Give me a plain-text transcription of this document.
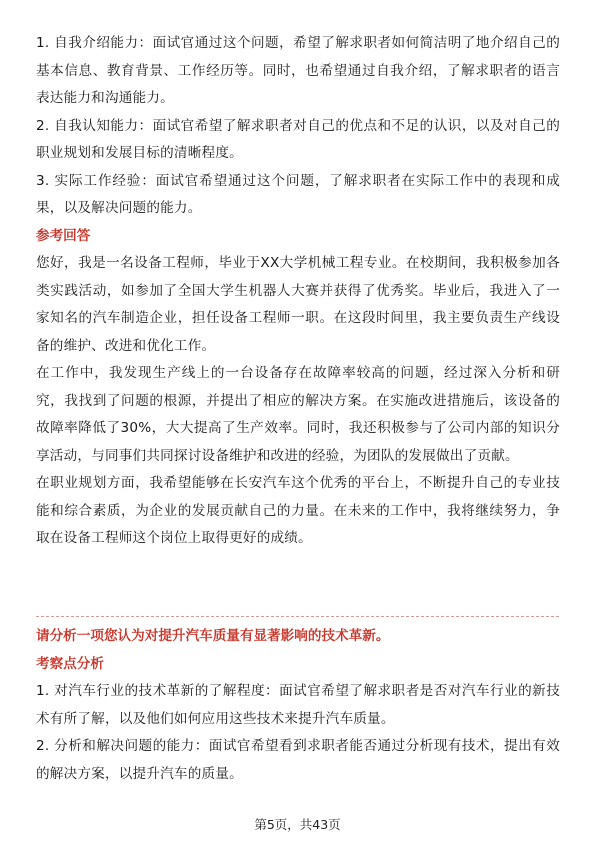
1. 自我介绍能力：面试官通过这个问题，希望了解求职者如何简洁明了地介绍自己的基本信息、教育背景、工作经历等。同时，也希望通过自我介绍，了解求职者的语言表达能力和沟通能力。

2. 自我认知能力：面试官希望了解求职者对自己的优点和不足的认识，以及对自己的职业规划和发展目标的清晰程度。

3. 实际工作经验：面试官希望通过这个问题，了解求职者在实际工作中的表现和成果，以及解决问题的能力。

参考回答

您好，我是一名设备工程师，毕业于XX大学机械工程专业。在校期间，我积极参加各类实践活动，如参加了全国大学生机器人大赛并获得了优秀奖。毕业后，我进入了一家知名的汽车制造企业，担任设备工程师一职。在这段时间里，我主要负责生产线设备的维护、改进和优化工作。

在工作中，我发现生产线上的一台设备存在故障率较高的问题，经过深入分析和研究，我找到了问题的根源，并提出了相应的解决方案。在实施改进措施后，该设备的故障率降低了30%，大大提高了生产效率。同时，我还积极参与了公司内部的知识分享活动，与同事们共同探讨设备维护和改进的经验，为团队的发展做出了贡献。

在职业规划方面，我希望能够在长安汽车这个优秀的平台上，不断提升自己的专业技能和综合素质，为企业的发展贡献自己的力量。在未来的工作中，我将继续努力，争取在设备工程师这个岗位上取得更好的成绩。

请分析一项您认为对提升汽车质量有显著影响的技术革新。

考察点分析

1. 对汽车行业的技术革新的了解程度：面试官希望了解求职者是否对汽车行业的新技术有所了解，以及他们如何应用这些技术来提升汽车质量。

2. 分析和解决问题的能力：面试官希望看到求职者能否通过分析现有技术，提出有效的解决方案，以提升汽车的质量。

第5页，共43页
